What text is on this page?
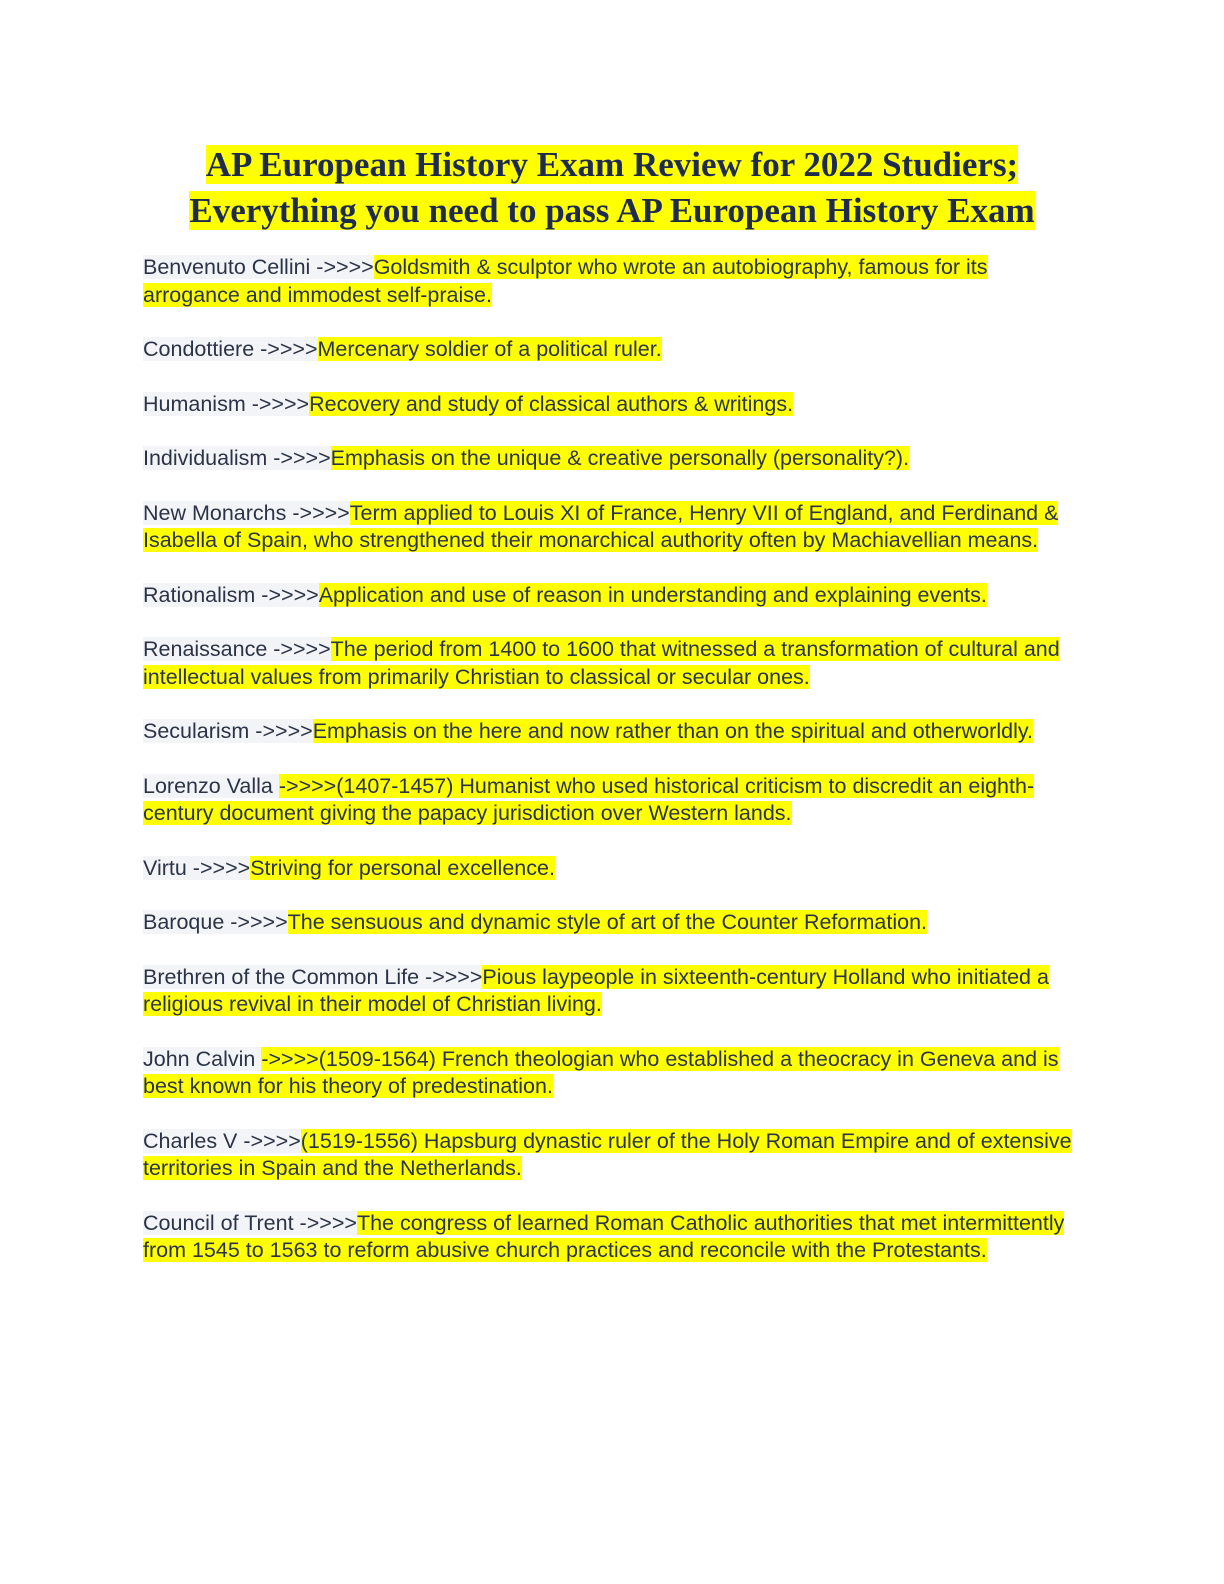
AP European History Exam Review for 2022 Studiers;
Everything you need to pass AP European History Exam

Benvenuto Cellini ->>>>Goldsmith & sculptor who wrote an autobiography, famous for its arrogance and immodest self-praise.

Condottiere ->>>>Mercenary soldier of a political ruler.

Humanism ->>>>Recovery and study of classical authors & writings.

Individualism ->>>>Emphasis on the unique & creative personally (personality?).

New Monarchs ->>>>Term applied to Louis XI of France, Henry VII of England, and Ferdinand & Isabella of Spain, who strengthened their monarchical authority often by Machiavellian means.

Rationalism ->>>>Application and use of reason in understanding and explaining events.

Renaissance ->>>>The period from 1400 to 1600 that witnessed a transformation of cultural and intellectual values from primarily Christian to classical or secular ones.

Secularism ->>>>Emphasis on the here and now rather than on the spiritual and otherworldly.

Lorenzo Valla ->>>>(1407-1457) Humanist who used historical criticism to discredit an eighth-century document giving the papacy jurisdiction over Western lands.

Virtu ->>>>Striving for personal excellence.

Baroque ->>>>The sensuous and dynamic style of art of the Counter Reformation.

Brethren of the Common Life ->>>>Pious laypeople in sixteenth-century Holland who initiated a religious revival in their model of Christian living.

John Calvin ->>>>(1509-1564) French theologian who established a theocracy in Geneva and is best known for his theory of predestination.

Charles V ->>>>(1519-1556) Hapsburg dynastic ruler of the Holy Roman Empire and of extensive territories in Spain and the Netherlands.

Council of Trent ->>>>The congress of learned Roman Catholic authorities that met intermittently from 1545 to 1563 to reform abusive church practices and reconcile with the Protestants.
